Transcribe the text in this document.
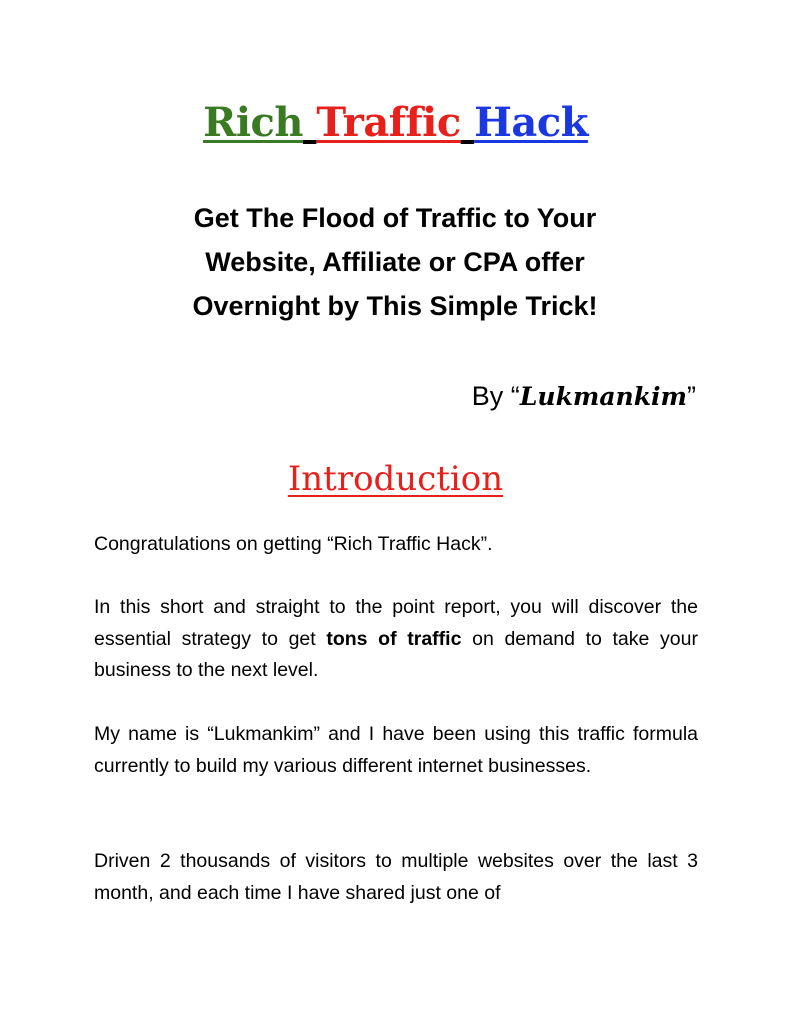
Rich Traffic Hack
Get The Flood of Traffic to Your
Website, Affiliate or CPA offer
Overnight by This Simple Trick!
By “Lukmankim”
Introduction
Congratulations on getting “Rich Traffic Hack”.
In this short and straight to the point report, you will discover the essential strategy to get tons of traffic on demand to take your business to the next level.
My name is “Lukmankim” and I have been using this traffic formula currently to build my various different internet businesses.
Driven 2 thousands of visitors to multiple websites over the last 3 month, and each time I have shared just one of
